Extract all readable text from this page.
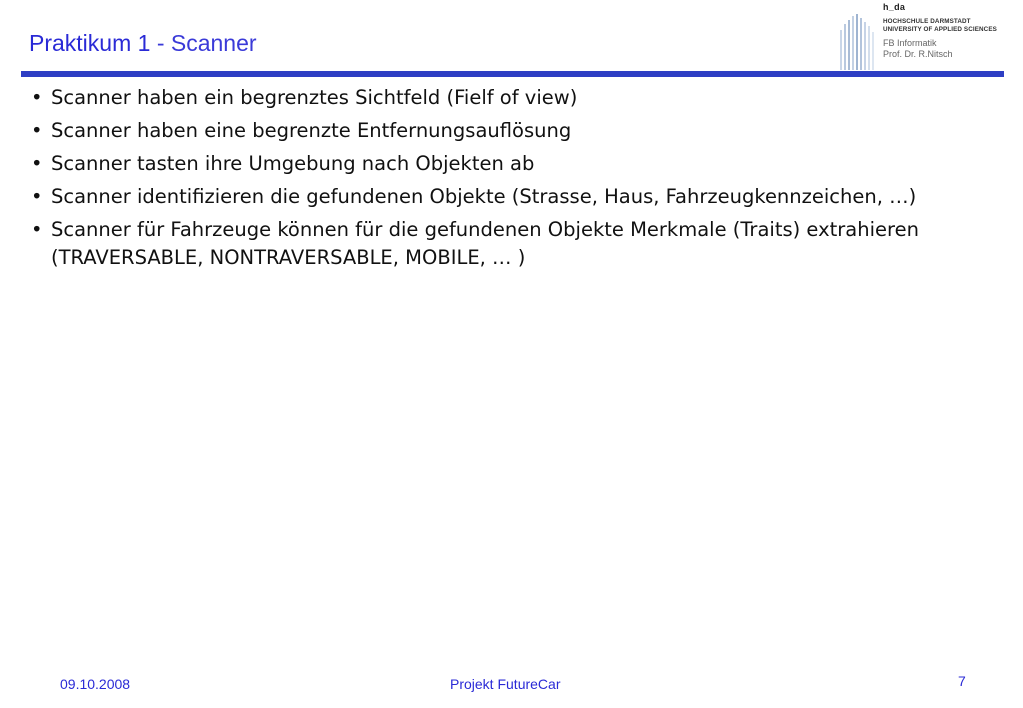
Praktikum 1 - Scanner
h_da
HOCHSCHULE DARMSTADT
UNIVERSITY OF APPLIED SCIENCES
FB Informatik
Prof. Dr. R.Nitsch
• Scanner haben ein begrenztes Sichtfeld (Fielf of view)
• Scanner haben eine begrenzte Entfernungsauflösung
• Scanner tasten ihre Umgebung nach Objekten ab
• Scanner identifizieren die gefundenen Objekte (Strasse, Haus, Fahrzeugkennzeichen, …)
• Scanner für Fahrzeuge können für die gefundenen Objekte Merkmale (Traits) extrahieren (TRAVERSABLE, NONTRAVERSABLE, MOBILE, … )
09.10.2008	Projekt FutureCar	7
